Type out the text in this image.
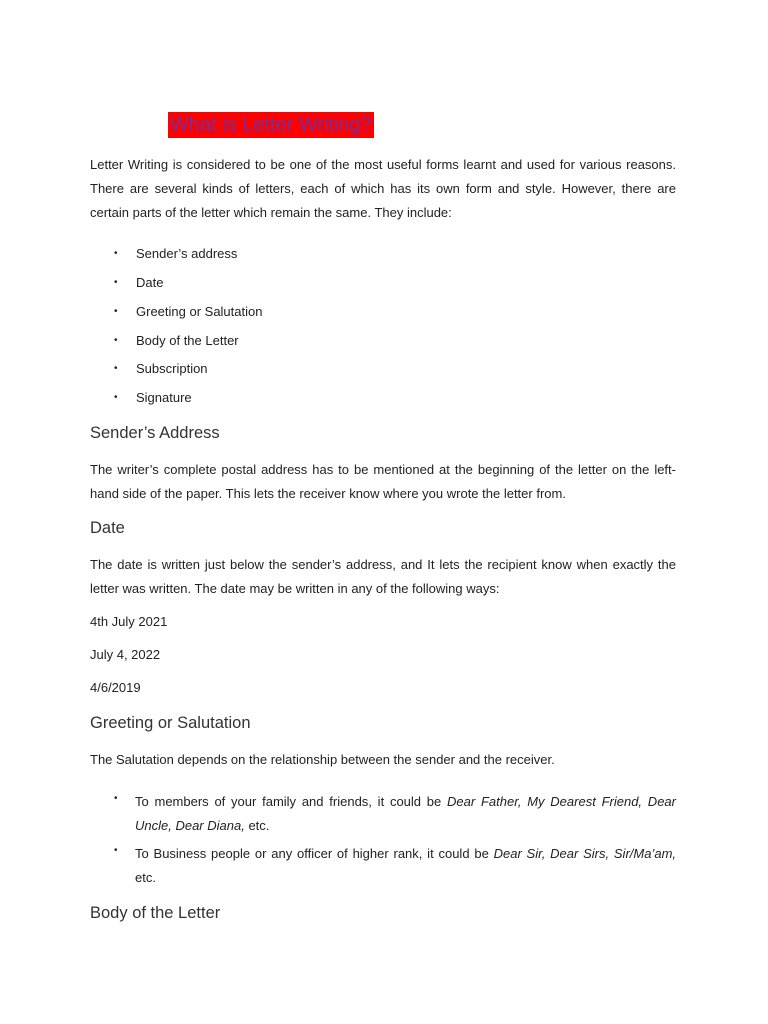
What is Letter Writing?

Letter Writing is considered to be one of the most useful forms learnt and used for various reasons. There are several kinds of letters, each of which has its own form and style. However, there are certain parts of the letter which remain the same. They include:

• Sender’s address
• Date
• Greeting or Salutation
• Body of the Letter
• Subscription
• Signature
Sender’s Address

The writer’s complete postal address has to be mentioned at the beginning of the letter on the left-hand side of the paper. This lets the receiver know where you wrote the letter from.

Date

The date is written just below the sender’s address, and It lets the recipient know when exactly the letter was written. The date may be written in any of the following ways:

4th July 2021
July 4, 2022
4/6/2019
Greeting or Salutation
The Salutation depends on the relationship between the sender and the receiver.
• To members of your family and friends, it could be Dear Father, My Dearest Friend, Dear Uncle, Dear Diana, etc.
• To Business people or any officer of higher rank, it could be Dear Sir, Dear Sirs, Sir/Ma’am, etc.
Body of the Letter
